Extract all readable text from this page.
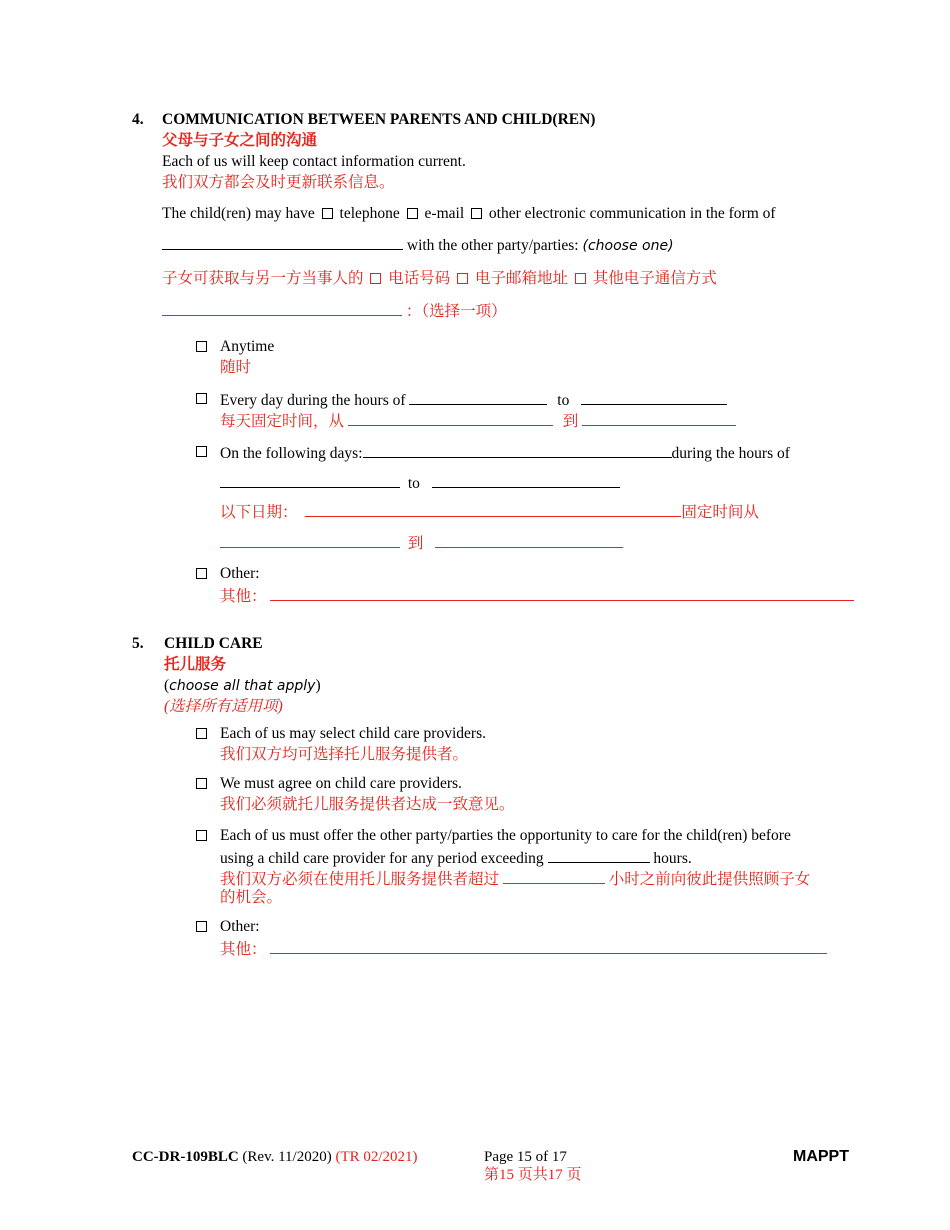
4. COMMUNICATION BETWEEN PARENTS AND CHILD(REN)
父母与子女之间的沟通
Each of us will keep contact information current.
我们双方都会及时更新联系信息。
The child(ren) may have telephone e-mail other electronic communication in the form of
with the other party/parties: (choose one)
子女可获取与另一方当事人的 电话号码 电子邮箱地址 其他电子通信方式
：（选择一项）
Anytime
随时
Every day during the hours of	to
每天固定时间，从	到
On the following days:	during the hours of
to
以下日期：	固定时间从
到
Other:
其他：
5. CHILD CARE
托儿服务
(choose all that apply)
(选择所有适用项)
Each of us may select child care providers.
我们双方均可选择托儿服务提供者。
We must agree on child care providers.
我们必须就托儿服务提供者达成一致意见。
Each of us must offer the other party/parties the opportunity to care for the child(ren) before
using a child care provider for any period exceeding	hours.
我们双方必须在使用托儿服务提供者超过	小时之前向彼此提供照顾子女
的机会。
Other:
其他：
CC-DR-109BLC (Rev. 11/2020) (TR 02/2021)	Page 15 of 17
第15 页共17 页
MAPPT
